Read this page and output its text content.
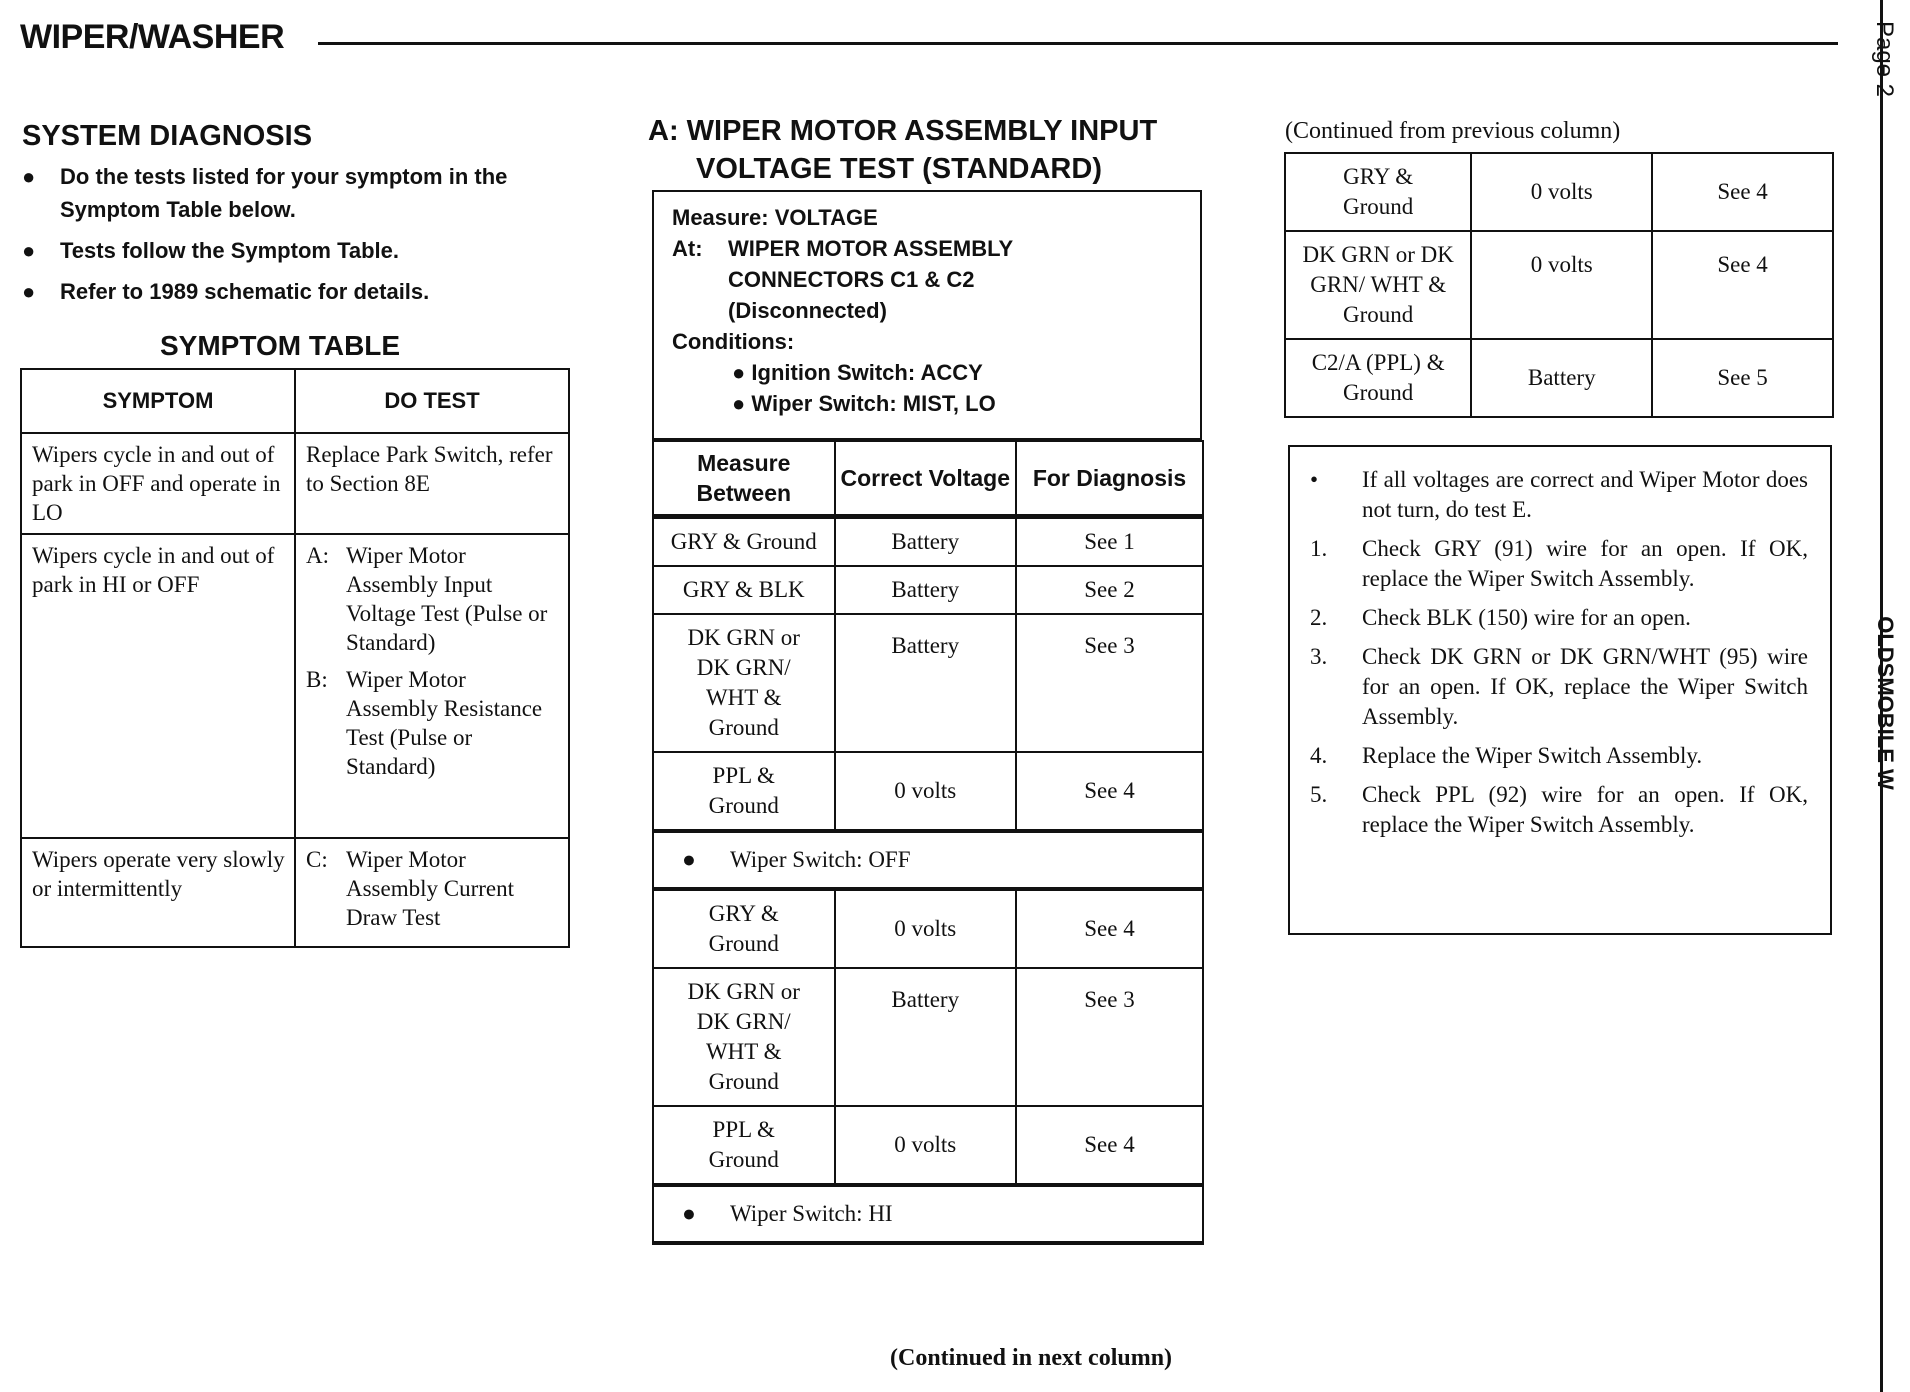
WIPER/WASHER	Page 2
OLDSMOBILE W
SYSTEM DIAGNOSIS
● Do the tests listed for your symptom in the Symptom Table below.
● Tests follow the Symptom Table.
● Refer to 1989 schematic for details.
SYMPTOM TABLE
SYMPTOM	DO TEST
Wipers cycle in and out of park in OFF and operate in LO	Replace Park Switch, refer to Section 8E
Wipers cycle in and out of park in HI or OFF	A: Wiper Motor Assembly Input Voltage Test (Pulse or Standard)
B: Wiper Motor Assembly Resistance Test (Pulse or Standard)

Wipers operate very slowly or intermittently	C: Wiper Motor Assembly Current Draw Test
A: WIPER MOTOR ASSEMBLY INPUT
VOLTAGE TEST (STANDARD)
Measure: VOLTAGE
At:	WIPER MOTOR ASSEMBLY
CONNECTORS C1 & C2
(Disconnected)
Conditions:
● Ignition Switch: ACCY
● Wiper Switch: MIST, LO
Measure Between	Correct Voltage	For Diagnosis
GRY & Ground	Battery	See 1
GRY & BLK	Battery	See 2
DK GRN or DK GRN/ WHT & Ground	Battery	See 3
PPL & Ground	0 volts	See 4
● Wiper Switch: OFF		
GRY & Ground	0 volts	See 4
DK GRN or DK GRN/ WHT & Ground	Battery	See 3
PPL & Ground	0 volts	See 4
● Wiper Switch: HI		
(Continued in next column)
(Continued from previous column)
GRY & Ground	0 volts	See 4
DK GRN or DK GRN/ WHT & Ground	0 volts	See 4
C2/A (PPL) & Ground	Battery	See 5
• If all voltages are correct and Wiper Motor does not turn, do test E.
1. Check GRY (91) wire for an open. If OK, replace the Wiper Switch Assembly.
2. Check BLK (150) wire for an open.
3. Check DK GRN or DK GRN/WHT (95) wire for an open. If OK, replace the Wiper Switch Assembly.
4. Replace the Wiper Switch Assembly.
5. Check PPL (92) wire for an open. If OK, replace the Wiper Switch Assembly.
